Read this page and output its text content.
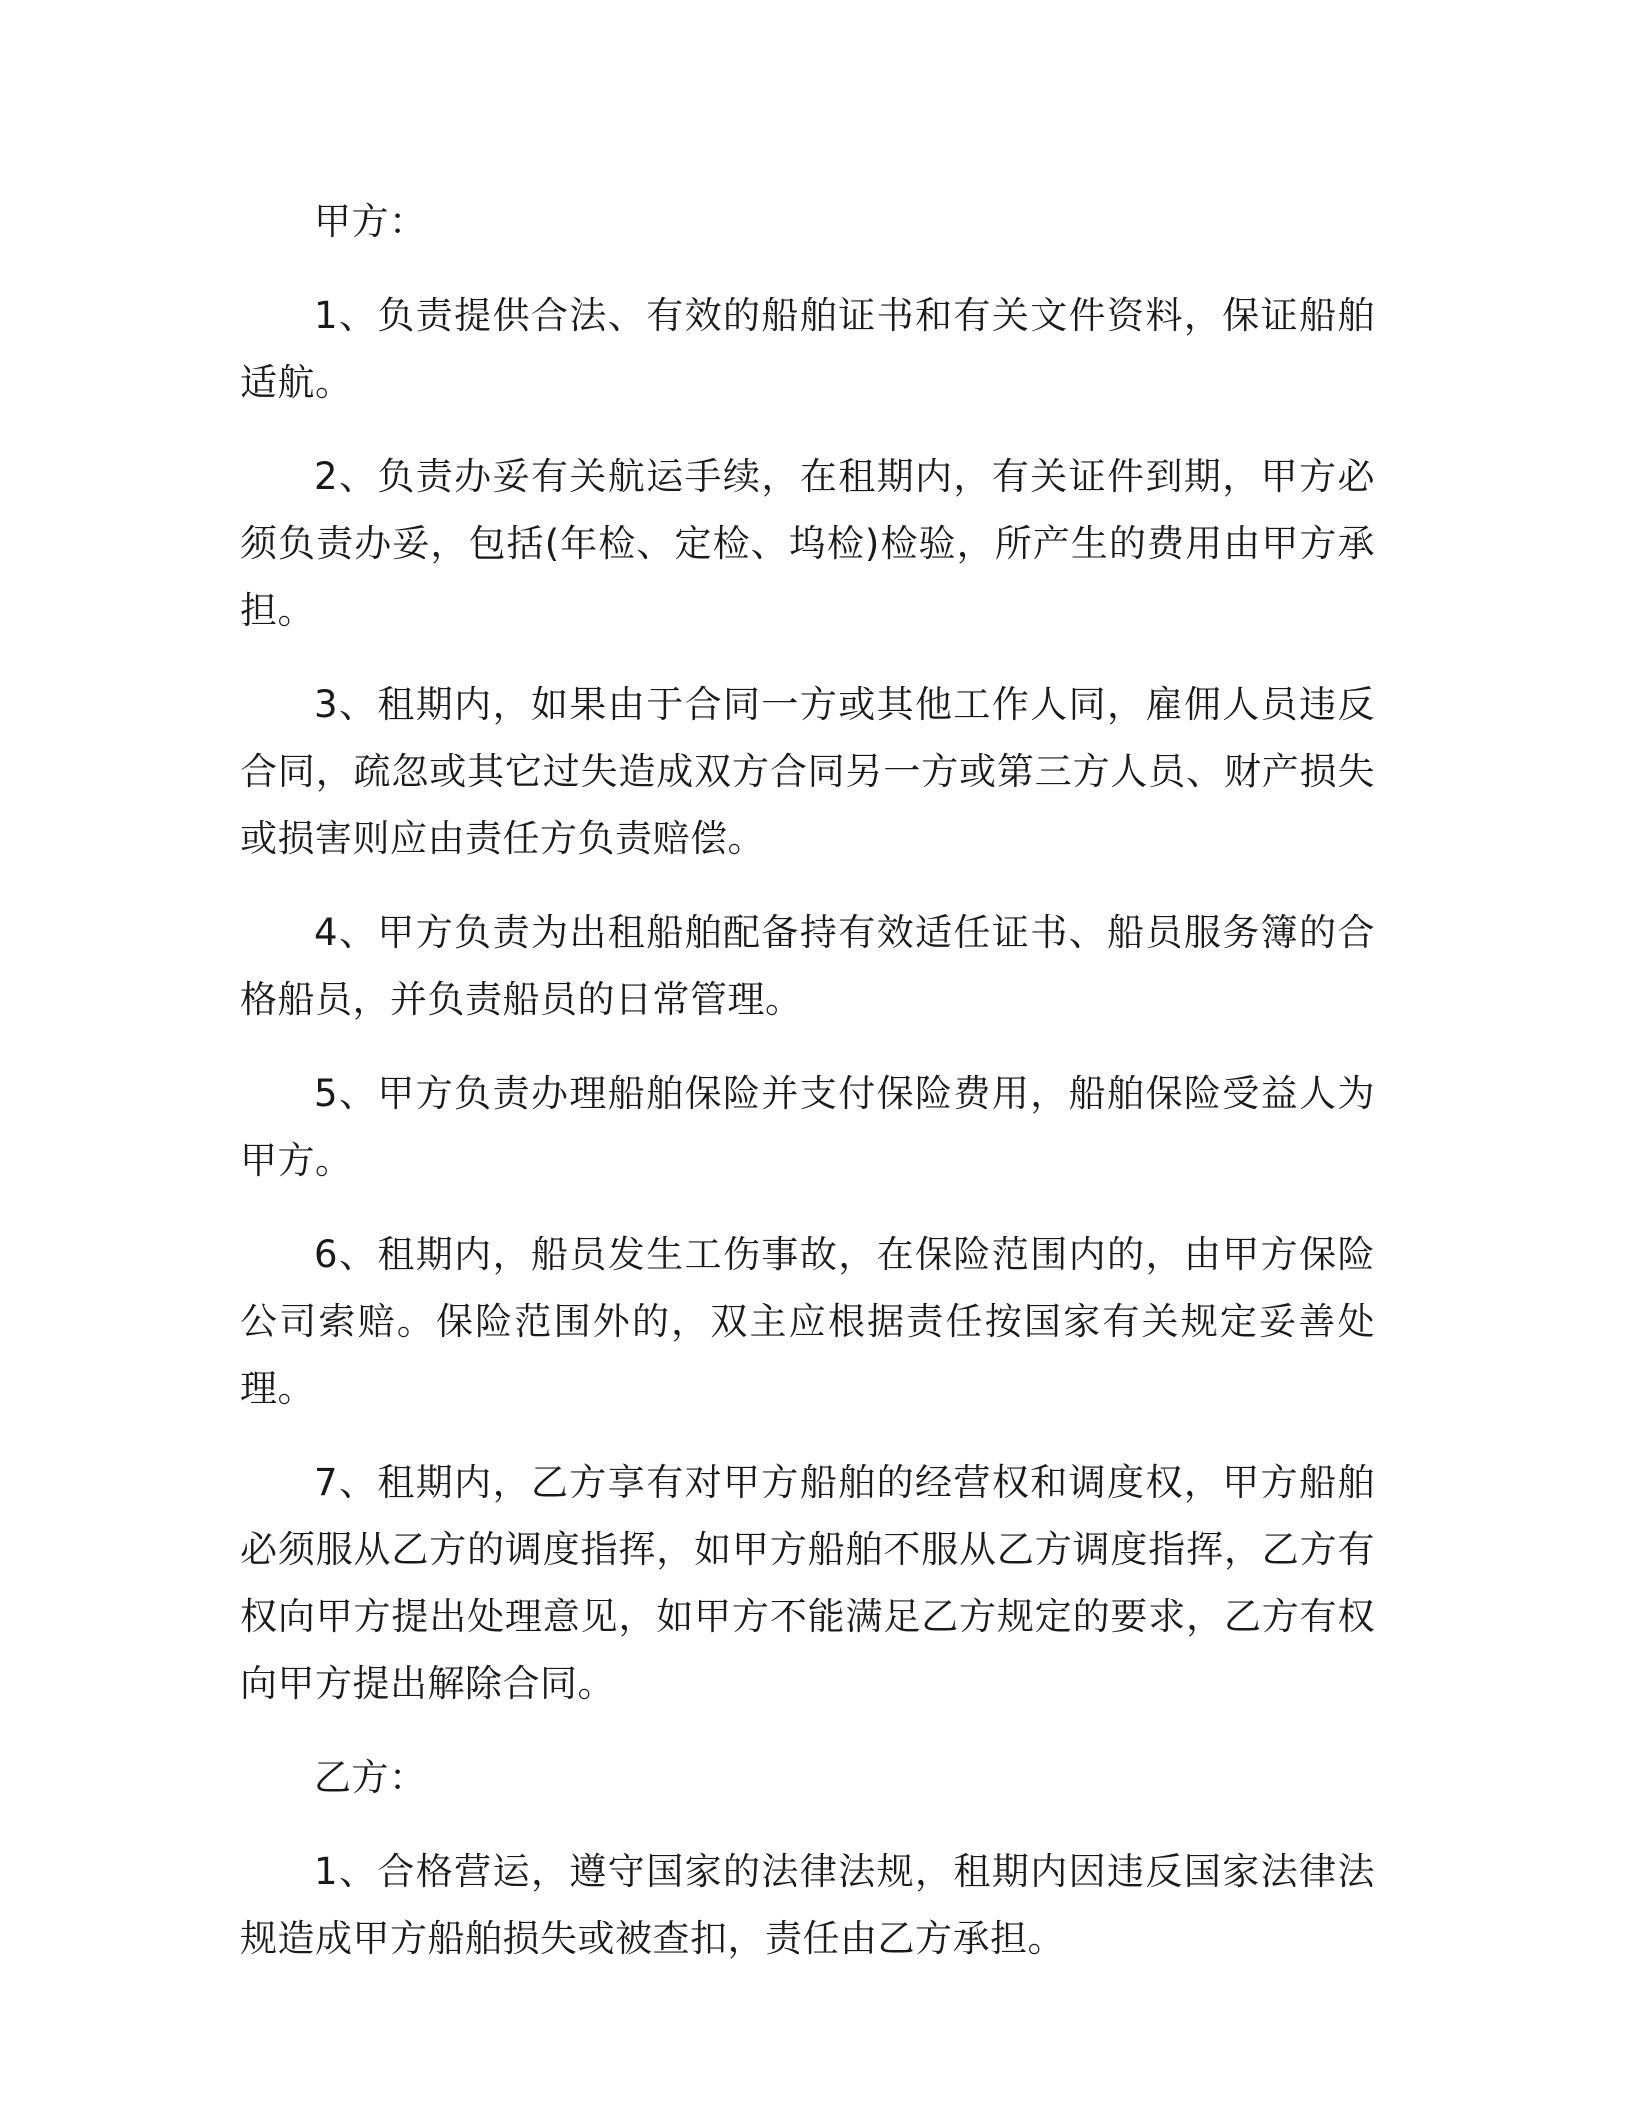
甲方：

1、负责提供合法、有效的船舶证书和有关文件资料，保证船舶适航。

2、负责办妥有关航运手续，在租期内，有关证件到期，甲方必须负责办妥，包括(年检、定检、坞检)检验，所产生的费用由甲方承担。

3、租期内，如果由于合同一方或其他工作人同，雇佣人员违反合同，疏忽或其它过失造成双方合同另一方或第三方人员、财产损失或损害则应由责任方负责赔偿。

4、甲方负责为出租船舶配备持有效适任证书、船员服务簿的合格船员，并负责船员的日常管理。

5、甲方负责办理船舶保险并支付保险费用，船舶保险受益人为甲方。

6、租期内，船员发生工伤事故，在保险范围内的，由甲方保险公司索赔。保险范围外的，双主应根据责任按国家有关规定妥善处理。

7、租期内，乙方享有对甲方船舶的经营权和调度权，甲方船舶必须服从乙方的调度指挥，如甲方船舶不服从乙方调度指挥，乙方有权向甲方提出处理意见，如甲方不能满足乙方规定的要求，乙方有权向甲方提出解除合同。

乙方：

1、合格营运，遵守国家的法律法规，租期内因违反国家法律法规造成甲方船舶损失或被查扣，责任由乙方承担。
